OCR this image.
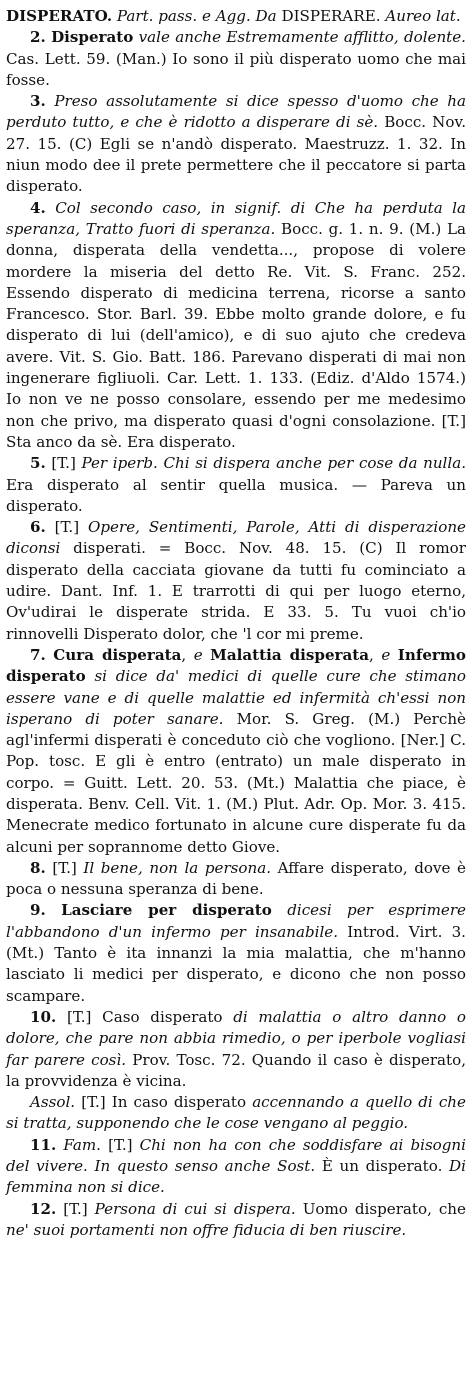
DISPERATO. Part. pass. e Agg. Da DISPERARE. Aureo lat.

2. Disperato vale anche Estremamente afflitto, dolente. Cas. Lett. 59. (Man.) Io sono il più disperato uomo che mai fosse.

3. Preso assolutamente si dice spesso d'uomo che ha perduto tutto, e che è ridotto a disperare di sè. Bocc. Nov. 27. 15. (C) Egli se n'andò disperato. Maestruzz. 1. 32. In niun modo dee il prete permettere che il peccatore si parta disperato.

4. Col secondo caso, in signif. di Che ha perduta la speranza, Tratto fuori di speranza. Bocc. g. 1. n. 9. (M.) La donna, disperata della vendetta..., propose di volere mordere la miseria del detto Re. Vit. S. Franc. 252. Essendo disperato di medicina terrena, ricorse a santo Francesco. Stor. Barl. 39. Ebbe molto grande dolore, e fu disperato di lui (dell'amico), e di suo ajuto che credeva avere. Vit. S. Gio. Batt. 186. Parevano disperati di mai non ingenerare figliuoli. Car. Lett. 1. 133. (Ediz. d'Aldo 1574.) Io non ve ne posso consolare, essendo per me medesimo non che privo, ma disperato quasi d'ogni consolazione. [T.] Sta anco da sè. Era disperato.

5. [T.] Per iperb. Chi si dispera anche per cose da nulla. Era disperato al sentir quella musica. — Pareva un disperato.

6. [T.] Opere, Sentimenti, Parole, Atti di disperazione diconsi disperati. = Bocc. Nov. 48. 15. (C) Il romor disperato della cacciata giovane da tutti fu cominciato a udire. Dant. Inf. 1. E trarrotti di qui per luogo eterno, Ov'udirai le disperate strida. E 33. 5. Tu vuoi ch'io rinnovelli Disperato dolor, che 'l cor mi preme.

7. Cura disperata, e Malattia disperata, e Infermo disperato si dice da' medici di quelle cure che stimano essere vane e di quelle malattie ed infermità ch'essi non isperano di poter sanare. Mor. S. Greg. (M.) Perchè agl'infermi disperati è conceduto ciò che vogliono. [Ner.] C. Pop. tosc. E gli è entro (entrato) un male disperato in corpo. = Guitt. Lett. 20. 53. (Mt.) Malattia che piace, è disperata. Benv. Cell. Vit. 1. (M.) Plut. Adr. Op. Mor. 3. 415. Menecrate medico fortunato in alcune cure disperate fu da alcuni per soprannome detto Giove.

8. [T.] Il bene, non la persona. Affare disperato, dove è poca o nessuna speranza di bene.

9. Lasciare per disperato dicesi per esprimere l'abbandono d'un infermo per insanabile. Introd. Virt. 3. (Mt.) Tanto è ita innanzi la mia malattia, che m'hanno lasciato li medici per disperato, e dicono che non posso scampare.

10. [T.] Caso disperato di malattia o altro danno o dolore, che pare non abbia rimedio, o per iperbole vogliasi far parere così. Prov. Tosc. 72. Quando il caso è disperato, la provvidenza è vicina.

Assol. [T.] In caso disperato accennando a quello di che si tratta, supponendo che le cose vengano al peggio.

11. Fam. [T.] Chi non ha con che soddisfare ai bisogni del vivere. In questo senso anche Sost. È un disperato. Di femmina non si dice.

12. [T.] Persona di cui si dispera. Uomo disperato, che ne' suoi portamenti non offre fiducia di ben riuscire.
